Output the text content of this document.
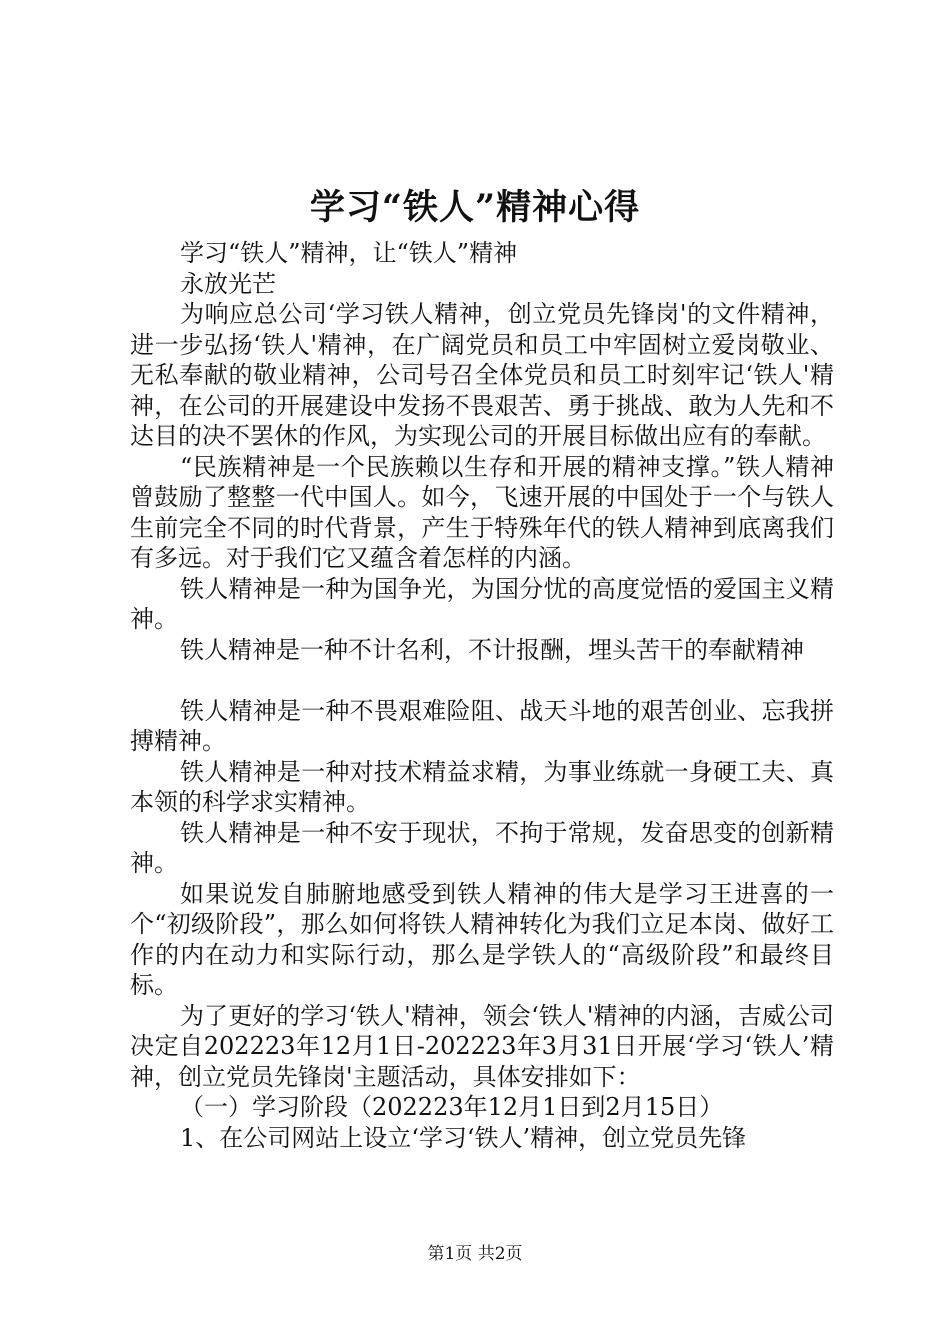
学习“铁人”精神心得

学习“铁人”精神，让“铁人”精神

永放光芒

为响应总公司‘学习铁人精神，创立党员先锋岗'的文件精神，进一步弘扬‘铁人'精神，在广阔党员和员工中牢固树立爱岗敬业、无私奉献的敬业精神，公司号召全体党员和员工时刻牢记‘铁人'精神，在公司的开展建设中发扬不畏艰苦、勇于挑战、敢为人先和不达目的决不罢休的作风，为实现公司的开展目标做出应有的奉献。

“民族精神是一个民族赖以生存和开展的精神支撑。”铁人精神曾鼓励了整整一代中国人。如今，飞速开展的中国处于一个与铁人生前完全不同的时代背景，产生于特殊年代的铁人精神到底离我们有多远。对于我们它又蕴含着怎样的内涵。

铁人精神是一种为国争光，为国分忧的高度觉悟的爱国主义精神。

铁人精神是一种不计名利，不计报酬，埋头苦干的奉献精神

铁人精神是一种不畏艰难险阻、战天斗地的艰苦创业、忘我拼搏精神。

铁人精神是一种对技术精益求精，为事业练就一身硬工夫、真本领的科学求实精神。

铁人精神是一种不安于现状，不拘于常规，发奋思变的创新精神。

如果说发自肺腑地感受到铁人精神的伟大是学习王进喜的一个“初级阶段”，那么如何将铁人精神转化为我们立足本岗、做好工作的内在动力和实际行动，那么是学铁人的“高级阶段”和最终目标。

为了更好的学习‘铁人'精神，领会‘铁人'精神的内涵，吉威公司决定自202223年12月1日-202223年3月31日开展‘学习‘铁人’精神，创立党员先锋岗'主题活动，具体安排如下：

（一）学习阶段（202223年12月1日到2月15日）

1、在公司网站上设立‘学习‘铁人’精神，创立党员先锋

第1页 共2页
